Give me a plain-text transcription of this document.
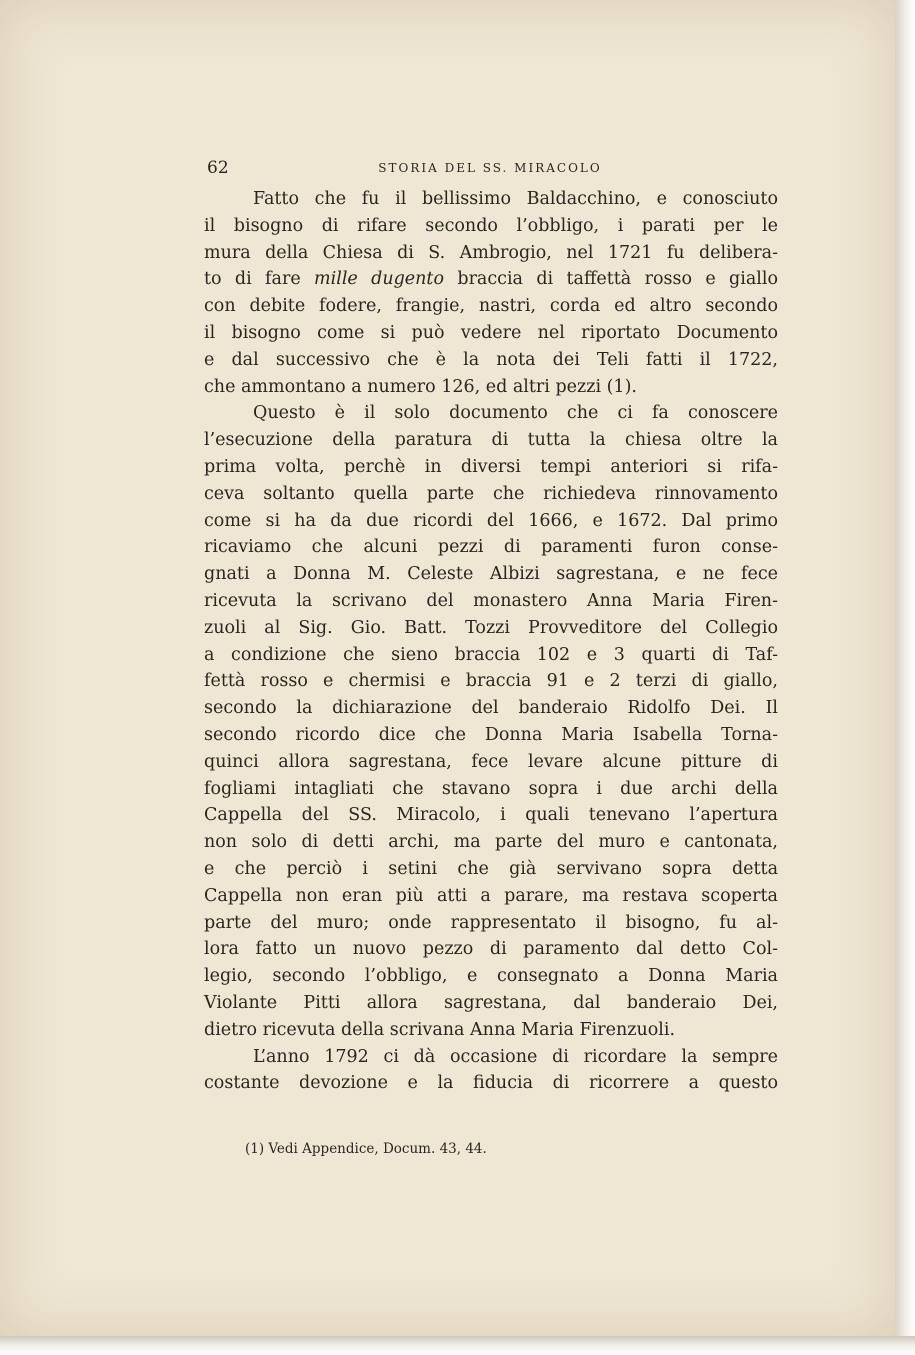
62	STORIA DEL SS. MIRACOLO
Fatto che fu il bellissimo Baldacchino, e conosciuto
il bisogno di rifare secondo l’obbligo, i parati per le
mura della Chiesa di S. Ambrogio, nel 1721 fu delibera-
to di fare mille dugento braccia di taffettà rosso e giallo
con debite fodere, frangie, nastri, corda ed altro secondo
il bisogno come si può vedere nel riportato Documento
e dal successivo che è la nota dei Teli fatti il 1722,
che ammontano a numero 126, ed altri pezzi (1).
Questo è il solo documento che ci fa conoscere
l’esecuzione della paratura di tutta la chiesa oltre la
prima volta, perchè in diversi tempi anteriori si rifa-
ceva soltanto quella parte che richiedeva rinnovamento
come si ha da due ricordi del 1666, e 1672. Dal primo
ricaviamo che alcuni pezzi di paramenti furon conse-
gnati a Donna M. Celeste Albizi sagrestana, e ne fece
ricevuta la scrivano del monastero Anna Maria Firen-
zuoli al Sig. Gio. Batt. Tozzi Provveditore del Collegio
a condizione che sieno braccia 102 e 3 quarti di Taf-
fettà rosso e chermisi e braccia 91 e 2 terzi di giallo,
secondo la dichiarazione del banderaio Ridolfo Dei. Il
secondo ricordo dice che Donna Maria Isabella Torna-
quinci allora sagrestana, fece levare alcune pitture di
fogliami intagliati che stavano sopra i due archi della
Cappella del SS. Miracolo, i quali tenevano l’apertura
non solo di detti archi, ma parte del muro e cantonata,
e che perciò i setini che già servivano sopra detta
Cappella non eran più atti a parare, ma restava scoperta
parte del muro; onde rappresentato il bisogno, fu al-
lora fatto un nuovo pezzo di paramento dal detto Col-
legio, secondo l’obbligo, e consegnato a Donna Maria
Violante Pitti allora sagrestana, dal banderaio Dei,
dietro ricevuta della scrivana Anna Maria Firenzuoli.
L’anno 1792 ci dà occasione di ricordare la sempre
costante devozione e la fiducia di ricorrere a questo
(1) Vedi Appendice, Docum. 43, 44.
